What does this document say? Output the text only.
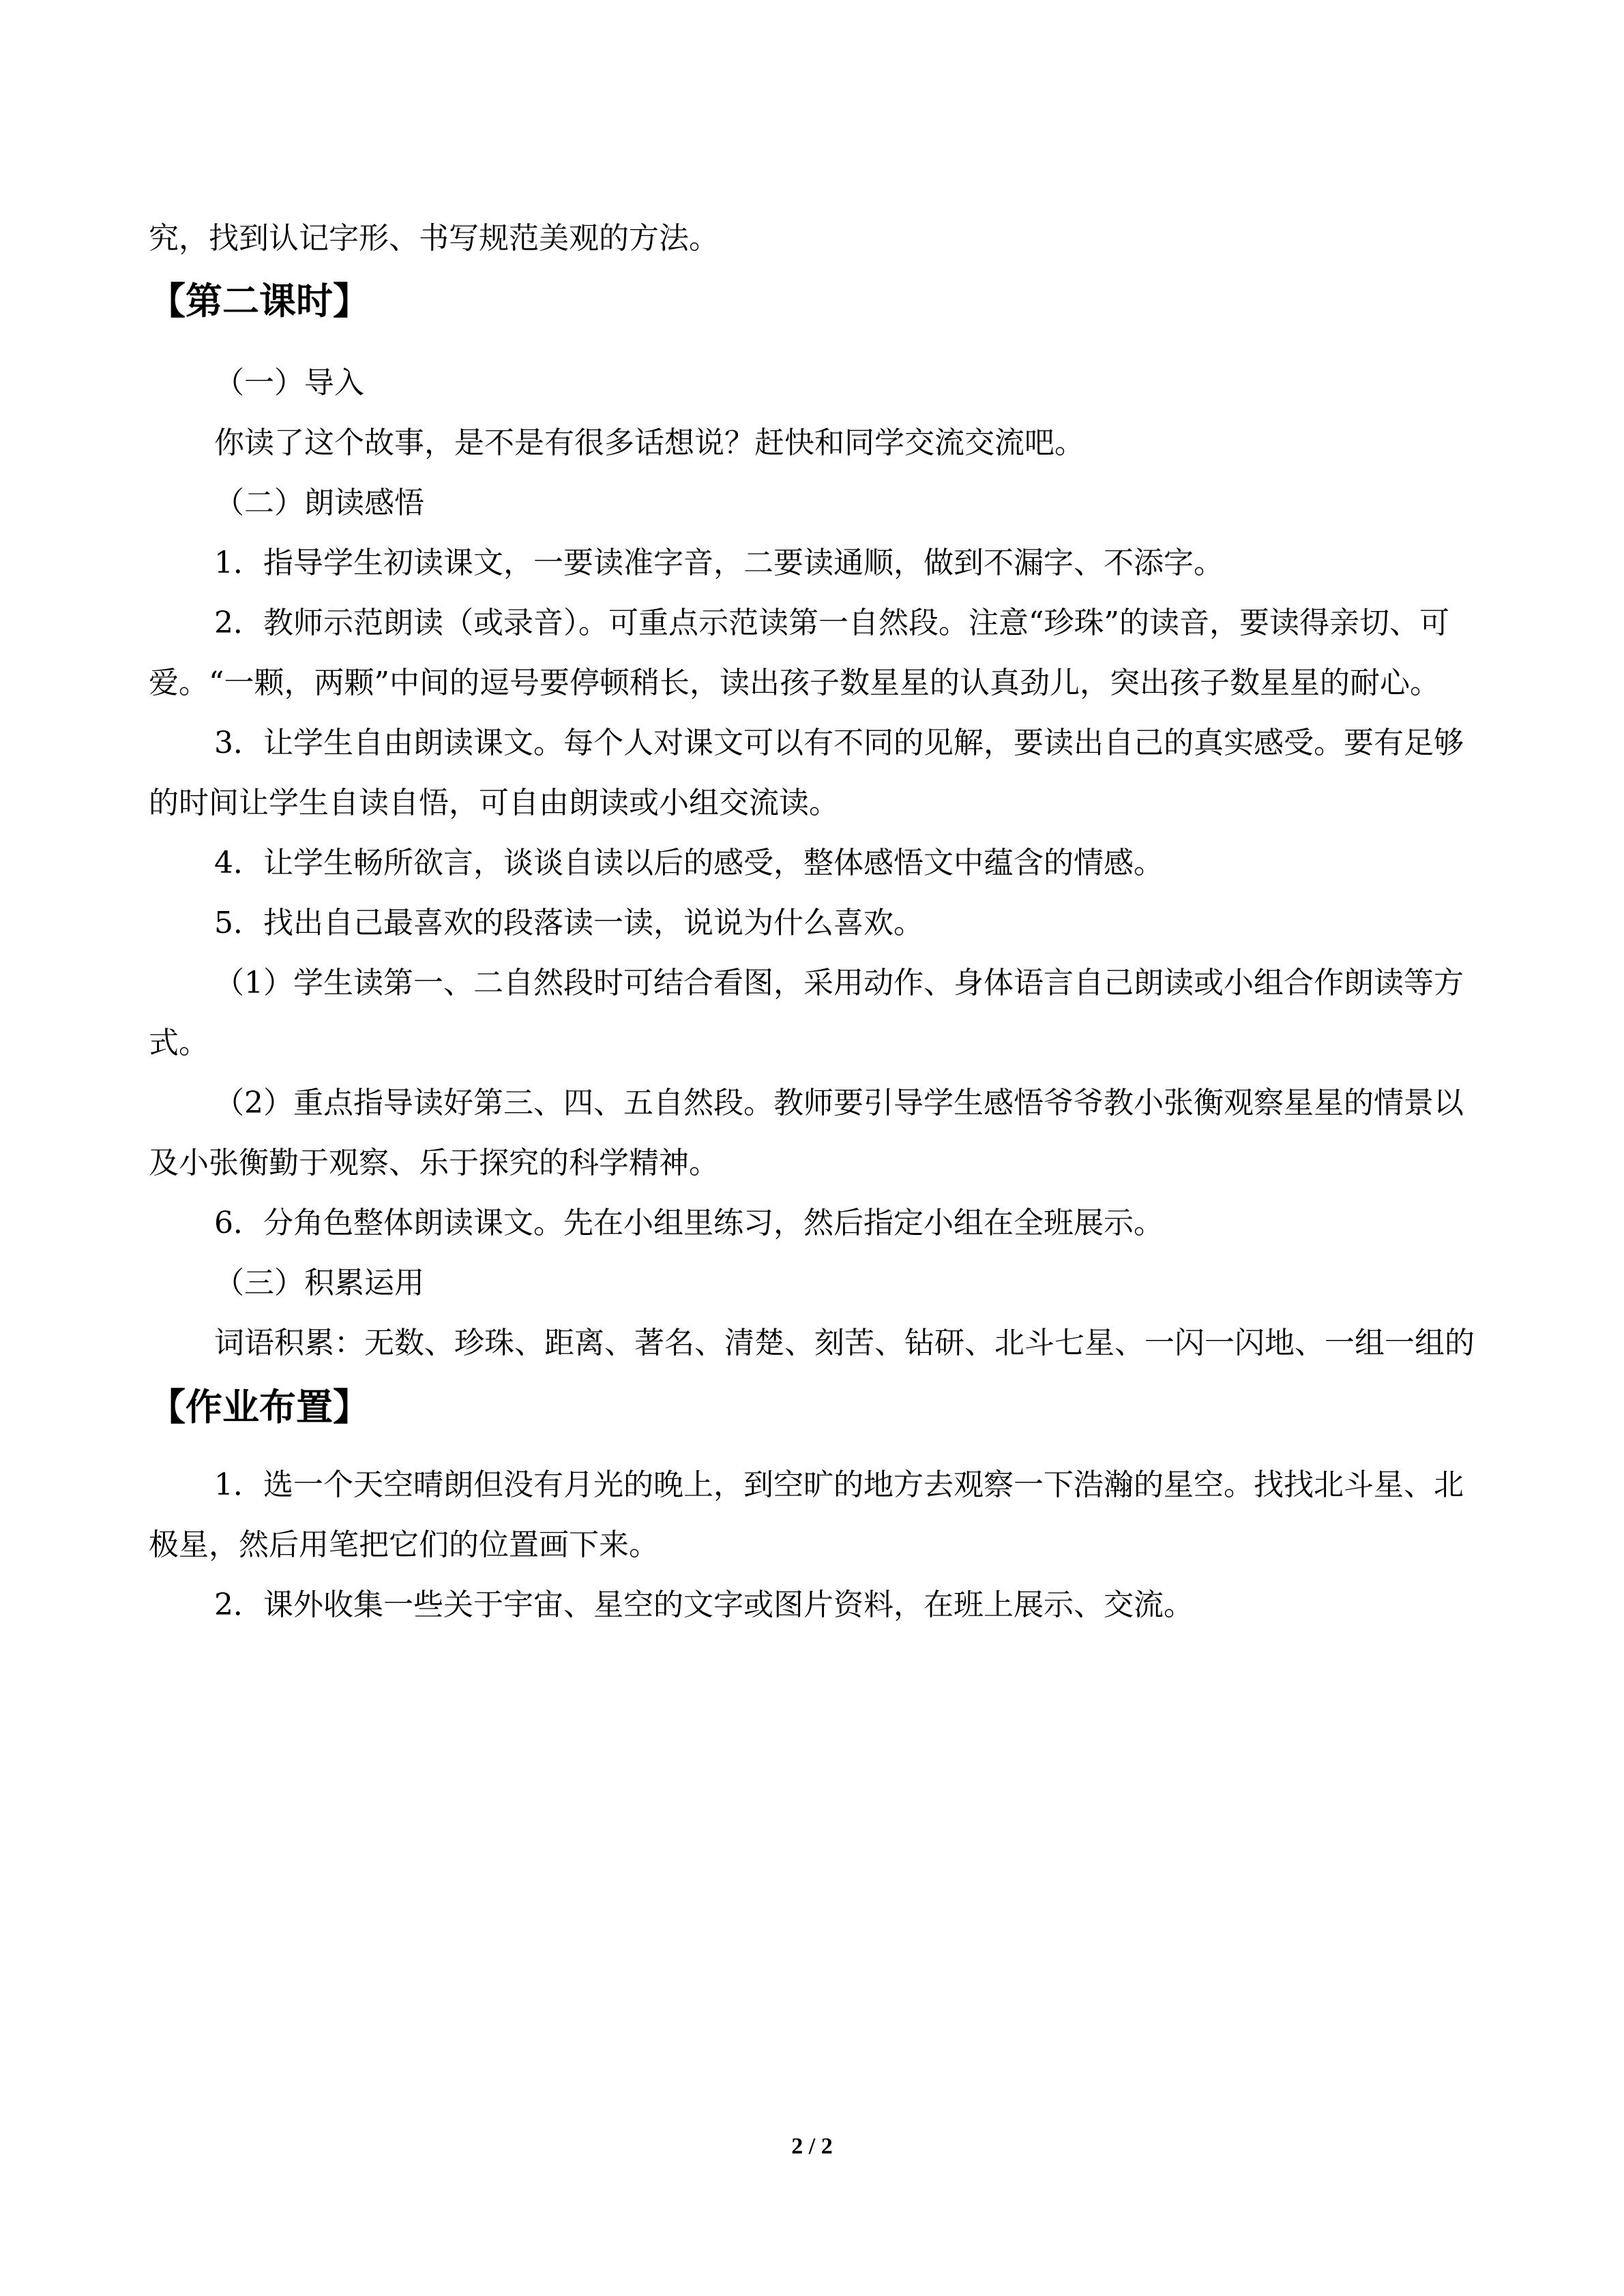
究，找到认记字形、书写规范美观的方法。

【第二课时】

（一）导入

你读了这个故事，是不是有很多话想说？赶快和同学交流交流吧。

（二）朗读感悟

1．指导学生初读课文，一要读准字音，二要读通顺，做到不漏字、不添字。

2．教师示范朗读（或录音）。可重点示范读第一自然段。注意“珍珠”的读音，要读得亲切、可爱。“一颗，两颗”中间的逗号要停顿稍长，读出孩子数星星的认真劲儿，突出孩子数星星的耐心。

3．让学生自由朗读课文。每个人对课文可以有不同的见解，要读出自己的真实感受。要有足够的时间让学生自读自悟，可自由朗读或小组交流读。

4．让学生畅所欲言，谈谈自读以后的感受，整体感悟文中蕴含的情感。

5．找出自己最喜欢的段落读一读，说说为什么喜欢。

（1）学生读第一、二自然段时可结合看图，采用动作、身体语言自己朗读或小组合作朗读等方式。

（2）重点指导读好第三、四、五自然段。教师要引导学生感悟爷爷教小张衡观察星星的情景以及小张衡勤于观察、乐于探究的科学精神。

6．分角色整体朗读课文。先在小组里练习，然后指定小组在全班展示。

（三）积累运用

词语积累：无数、珍珠、距离、著名、清楚、刻苦、钻研、北斗七星、一闪一闪地、一组一组的

【作业布置】

1．选一个天空晴朗但没有月光的晚上，到空旷的地方去观察一下浩瀚的星空。找找北斗星、北极星，然后用笔把它们的位置画下来。

2．课外收集一些关于宇宙、星空的文字或图片资料，在班上展示、交流。

2 / 2
